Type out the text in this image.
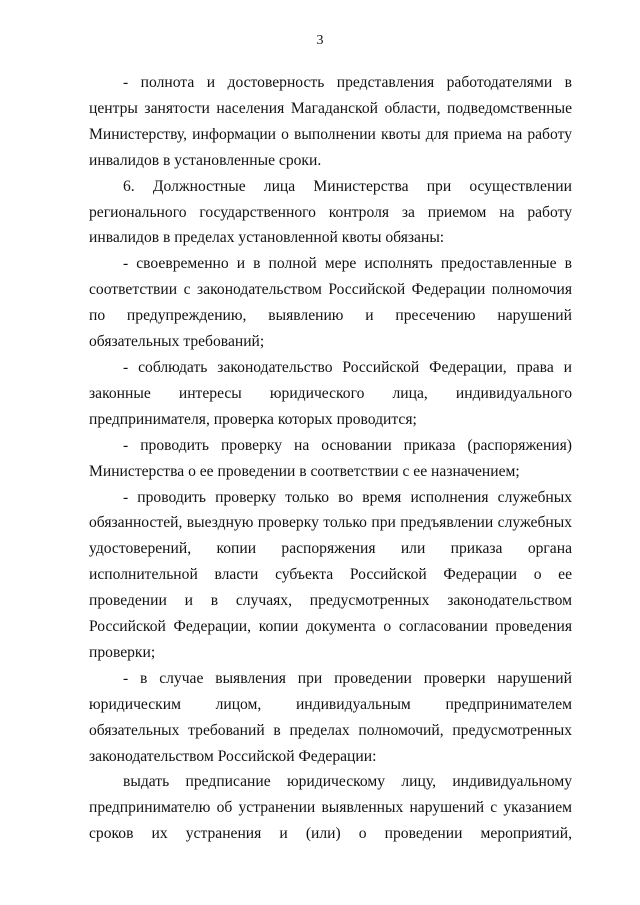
3

- полнота и достоверность представления работодателями в центры занятости населения Магаданской области, подведомственные Министерству, информации о выполнении квоты для приема на работу инвалидов в установленные сроки.

6. Должностные лица Министерства при осуществлении регионального государственного контроля за приемом на работу инвалидов в пределах установленной квоты обязаны:

- своевременно и в полной мере исполнять предоставленные в соответствии с законодательством Российской Федерации полномочия по предупреждению, выявлению и пресечению нарушений обязательных требований;

- соблюдать законодательство Российской Федерации, права и законные интересы юридического лица, индивидуального предпринимателя, проверка которых проводится;

- проводить проверку на основании приказа (распоряжения) Министерства о ее проведении в соответствии с ее назначением;

- проводить проверку только во время исполнения служебных обязанностей, выездную проверку только при предъявлении служебных удостоверений, копии распоряжения или приказа органа исполнительной власти субъекта Российской Федерации о ее проведении и в случаях, предусмотренных законодательством Российской Федерации, копии документа о согласовании проведения проверки;

- в случае выявления при проведении проверки нарушений юридическим лицом, индивидуальным предпринимателем обязательных требований в пределах полномочий, предусмотренных законодательством Российской Федерации:

выдать предписание юридическому лицу, индивидуальному предпринимателю об устранении выявленных нарушений с указанием сроков их устранения и (или) о проведении мероприятий,
